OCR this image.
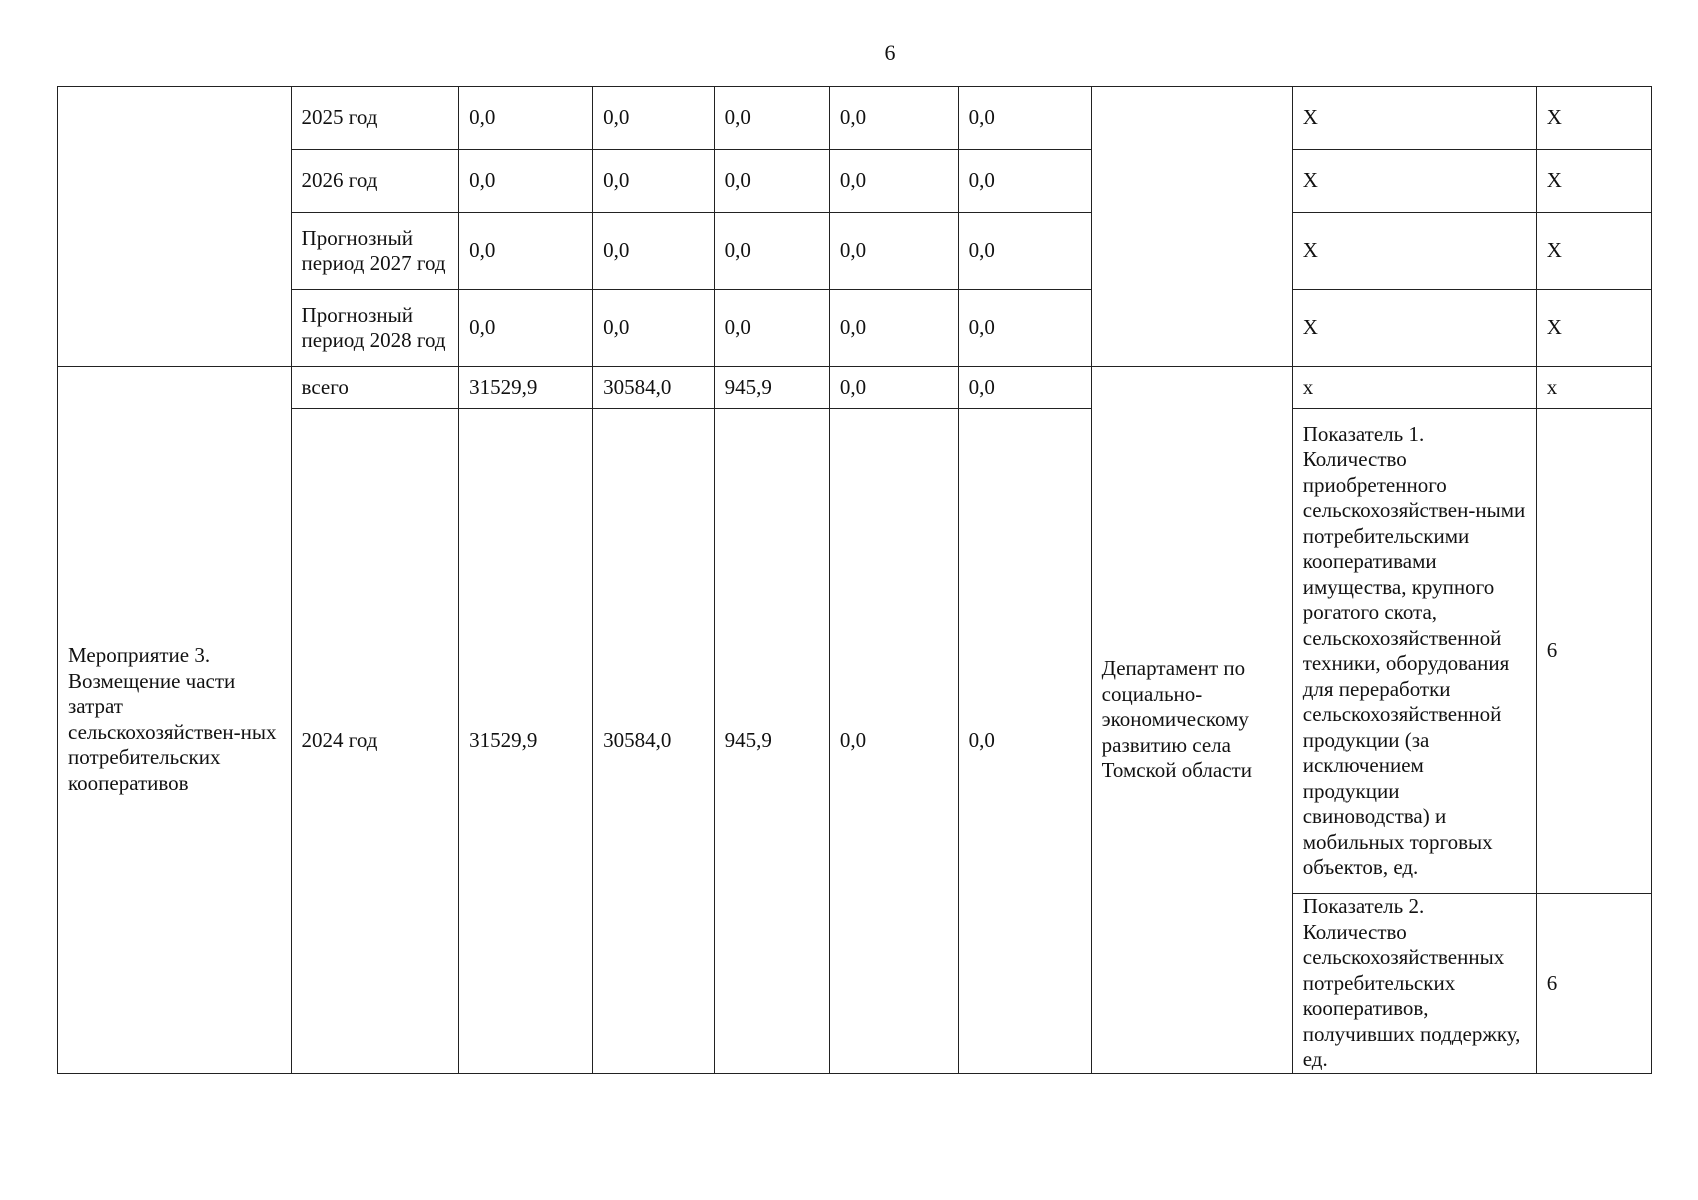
6
	2025 год	0,0	0,0	0,0	0,0	0,0		Х	Х
	2026 год	0,0	0,0	0,0	0,0	0,0		Х	Х
	Прогнозный период 2027 год	0,0	0,0	0,0	0,0	0,0		Х	Х
	Прогнозный период 2028 год	0,0	0,0	0,0	0,0	0,0		Х	Х
Мероприятие 3. Возмещение части затрат сельскохозяйствен-ных потребительских кооперативов	всего	31529,9	30584,0	945,9	0,0	0,0	Департамент по социально-экономическому развитию села Томской области	х	х
	2024 год	31529,9	30584,0	945,9	0,0	0,0		Показатель 1. Количество приобретенного сельскохозяйствен-ными потребительскими кооперативами имущества, крупного рогатого скота, сельскохозяйственной техники, оборудования для переработки сельскохозяйственной продукции (за исключением продукции свиноводства) и мобильных торговых объектов, ед.	6
								Показатель 2. Количество сельскохозяйственных потребительских кооперативов, получивших поддержку, ед.	6
